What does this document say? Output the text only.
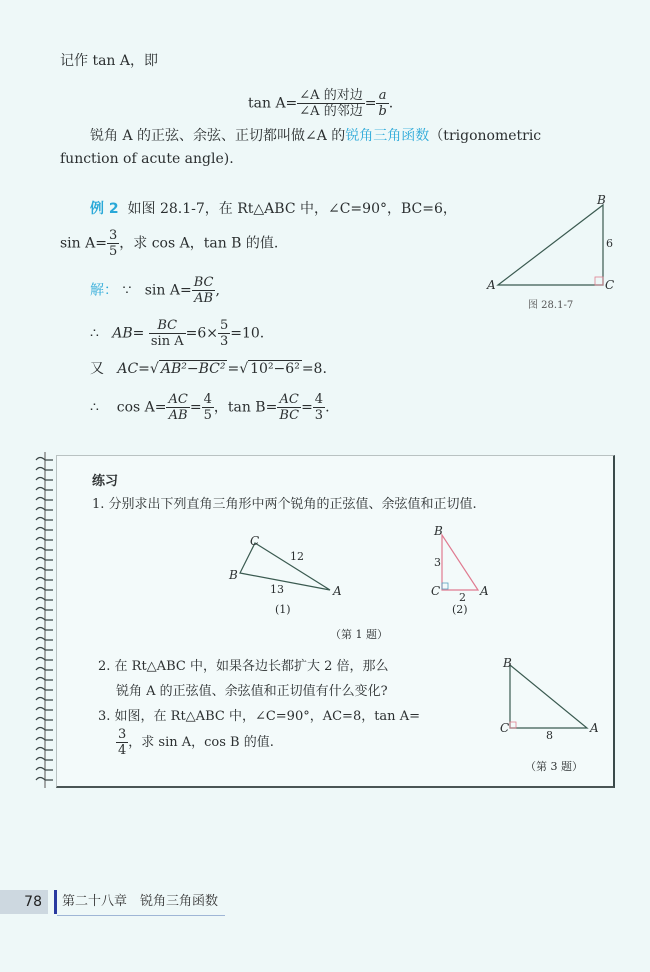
记作 tan A，即
$\tan A= \frac{\text{∠A 的对边}}{\text{∠A 的邻边}} = \frac{a}{b}$ .
锐角 A 的正弦、余弦、正切都叫做∠A 的锐角三角函数（trigonometric
function of acute angle).
例 2 如图 28.1-7，在 Rt△ABC 中，∠C=90°，BC=6，
$\sin A= \frac{3}{5}$ ，求 cos A，tan B 的值.
解： ∵ $\sin A= \frac{BC}{AB}$ ,
∴ $AB= \frac{BC}{\text{sin A}} =6\times \frac{5}{3} =10$.
又 AC=√ AB²−BC² =√ 10²−6² =8.
∴ $\cos A= \frac{AC}{AB} = \frac{4}{5}$ ，$\tan B= \frac{AC}{BC} = \frac{4}{3}$ .
A
B
C
6
图 28.1-7
练习
1. 分别求出下列直角三角形中两个锐角的正弦值、余弦值和正切值.
C
B
A
12
13
(1)
B
C	A
3
2
(2)
（第 1 题）
2. 在 Rt△ABC 中，如果各边长都扩大 2 倍，那么
锐角 A 的正弦值、余弦值和正切值有什么变化?
3. 如图，在 Rt△ABC 中，∠C=90°，AC=8，tan A=
$\frac{3}{4}$ ，求 sin A，cos B 的值.
B
C	A
8
（第 3 题）
78	第二十八章　锐角三角函数
